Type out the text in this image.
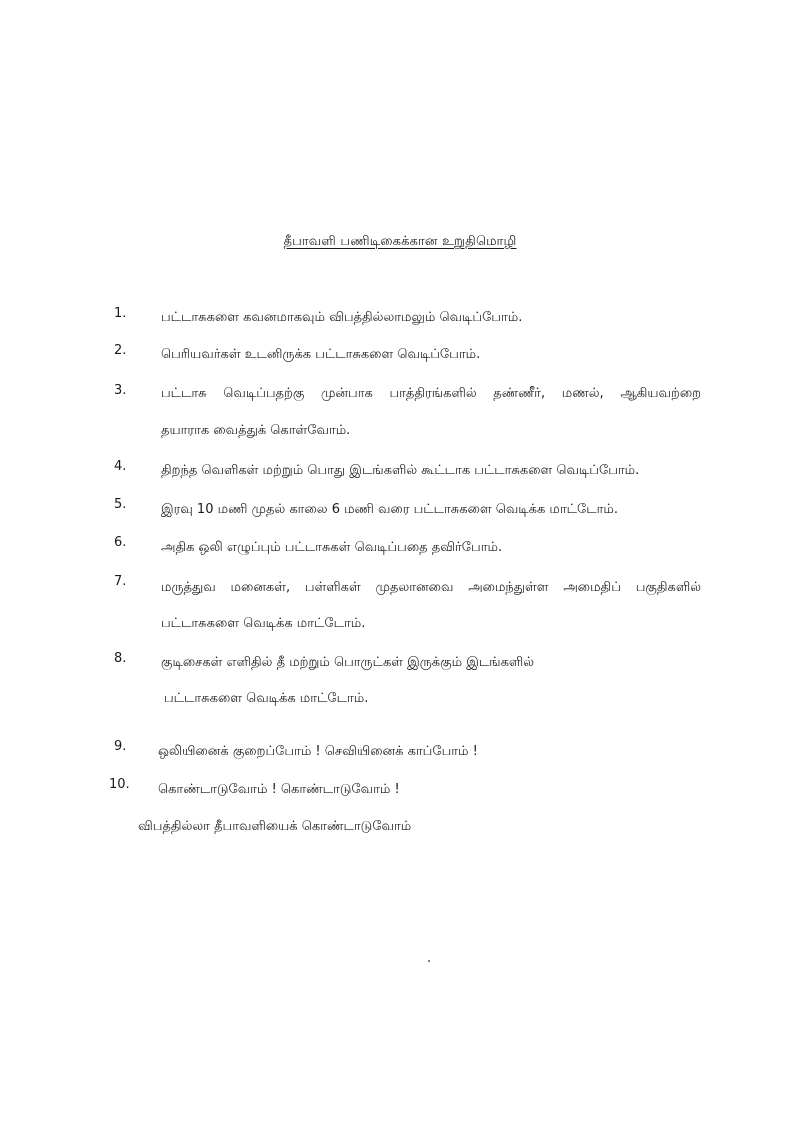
தீபாவளி பணிடிகைக்கான உறுதிமொழி
1.	பட்டாசுகளை கவனமாகவும் விபத்தில்லாமலும் வெடிப்போம்.
2.	பெரியவர்கள் உடனிருக்க பட்டாசுகளை வெடிப்போம்.
3.	பட்டாசு வெடிப்பதற்கு முன்பாக பாத்திரங்களில் தண்ணீர், மணல், ஆகியவற்றை
தயாராக வைத்துக் கொள்வோம்.
4.	திறந்த வெளிகள் மற்றும் பொது இடங்களில் கூட்டாக பட்டாசுகளை வெடிப்போம்.
5.	இரவு 10 மணி முதல் காலை 6 மணி வரை பட்டாசுகளை வெடிக்க மாட்டோம்.
6.	அதிக ஒலி எழுப்பும் பட்டாசுகள் வெடிப்பதை தவிர்போம்.
7.	மருத்துவ மனைகள், பள்ளிகள் முதலானவை அமைந்துள்ள அமைதிப் பகுதிகளில்
பட்டாசுகளை வெடிக்க மாட்டோம்.
8.	குடிசைகள் எளிதில் தீ மற்றும் பொருட்கள் இருக்கும் இடங்களில்
பட்டாசுகளை வெடிக்க மாட்டோம்.
9. ஒலியினைக் குறைப்போம் ! செவியினைக் காப்போம் !
10. கொண்டாடுவோம் ! கொண்டாடுவோம் !
விபத்தில்லா தீபாவளியைக் கொண்டாடுவோம்
